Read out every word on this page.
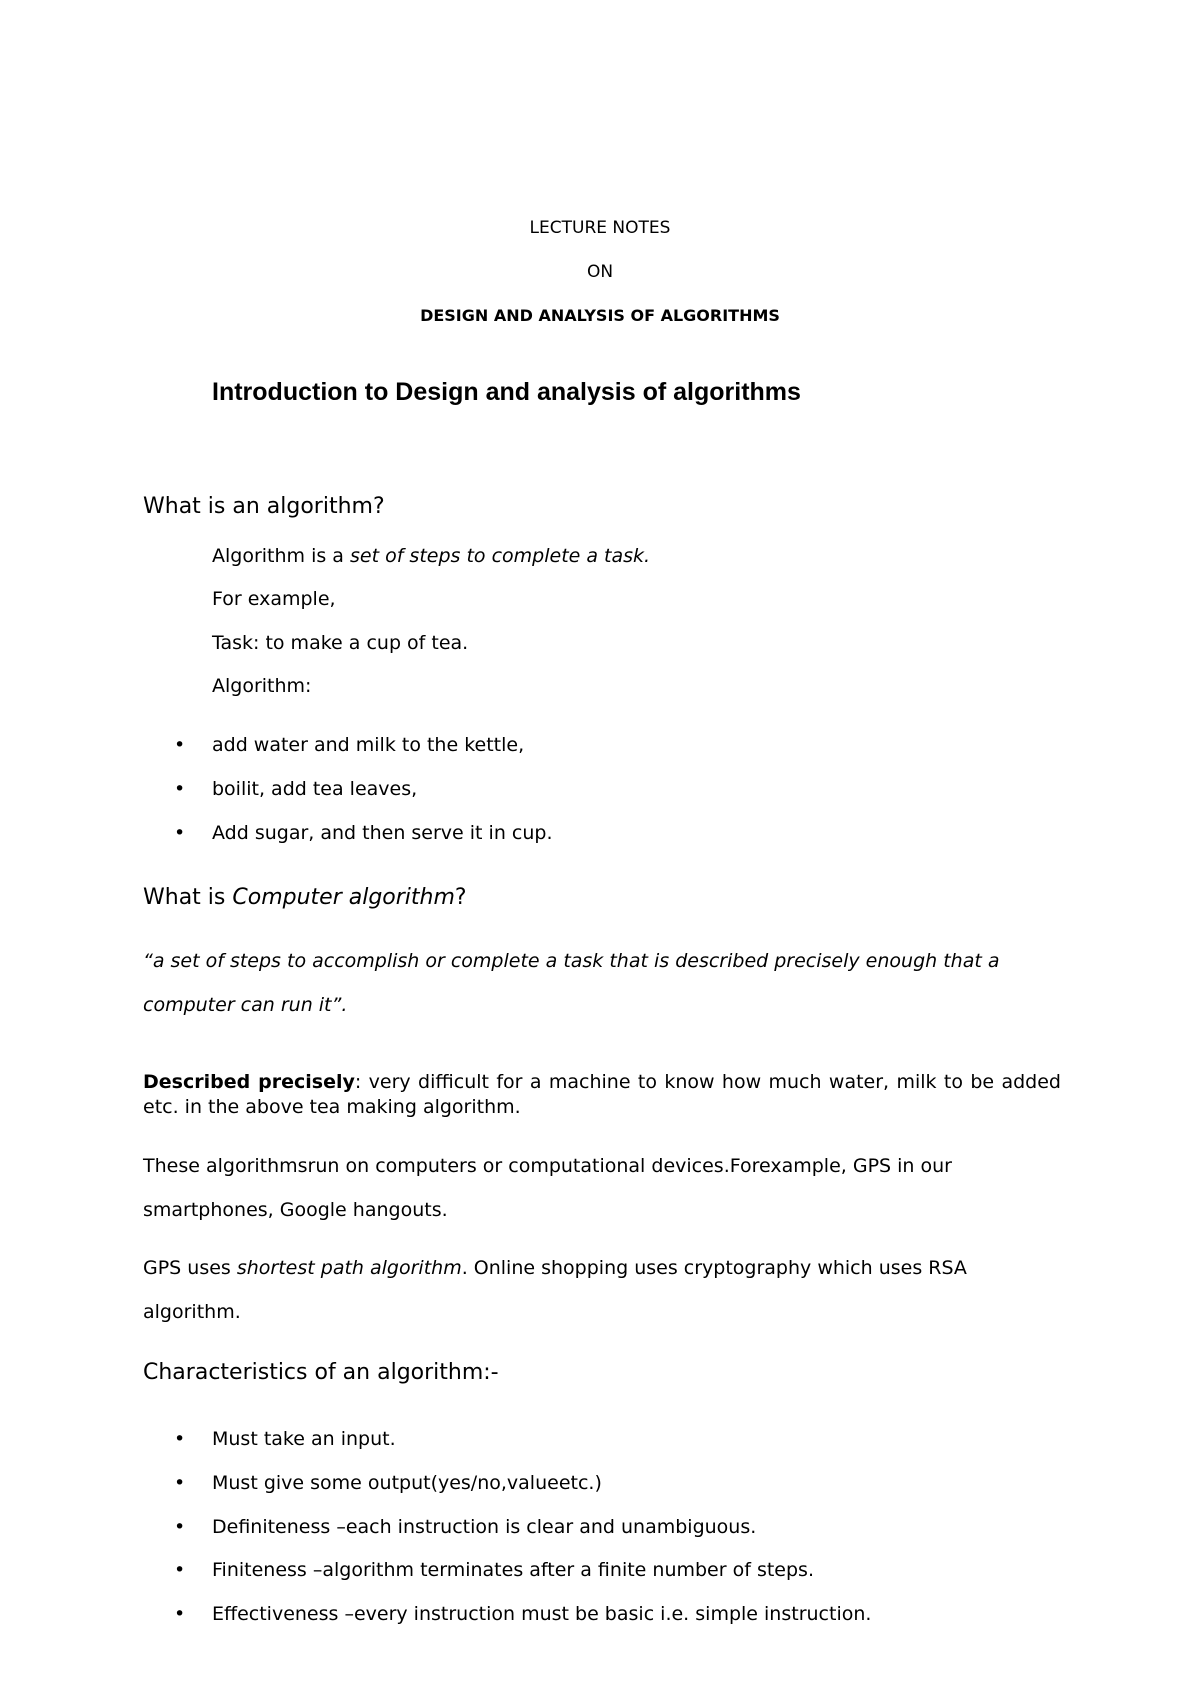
LECTURE NOTES

ON

DESIGN AND ANALYSIS OF ALGORITHMS

Introduction to Design and analysis of algorithms
What is an algorithm?

Algorithm is a set of steps to complete a task.

For example,

Task: to make a cup of tea.

Algorithm:

• add water and milk to the kettle,

• boilit, add tea leaves,

• Add sugar, and then serve it in cup.

What is Computer algorithm?

“a set of steps to accomplish or complete a task that is described precisely enough that a

computer can run it”.

Described precisely: very difficult for a machine to know how much water, milk to be added

etc. in the above tea making algorithm.

These algorithmsrun on computers or computational devices.Forexample, GPS in our

smartphones, Google hangouts.

GPS uses shortest path algorithm. Online shopping uses cryptography which uses RSA

algorithm.

Characteristics of an algorithm:-
• Must take an input.

• Must give some output(yes/no,valueetc.)

• Definiteness –each instruction is clear and unambiguous.

• Finiteness –algorithm terminates after a finite number of steps.

• Effectiveness –every instruction must be basic i.e. simple instruction.
